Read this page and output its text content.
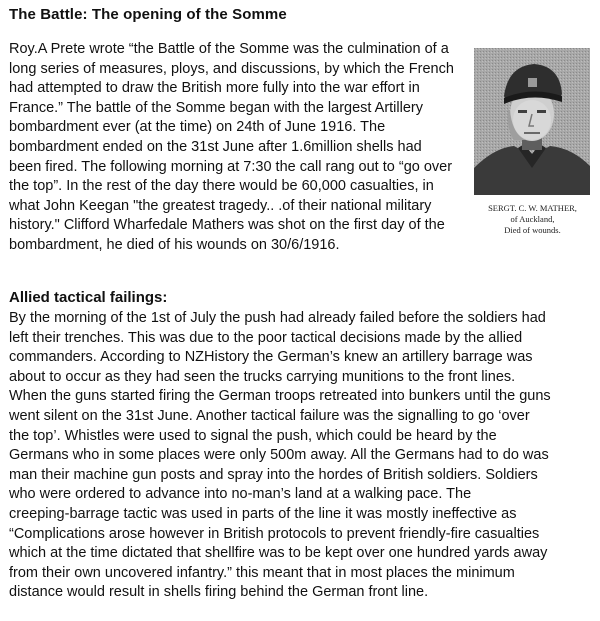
The Battle: The opening of the Somme
Roy.A Prete wrote “the Battle of the Somme was the culmination of a
long series of measures, ploys, and discussions, by which the French
had attempted to draw the British more fully into the war effort in
France.” The battle of the Somme began with the largest Artillery
bombardment ever (at the time) on 24th of June 1916. The
bombardment ended on the 31st June after 1.6million shells had
been fired. The following morning at 7:30 the call rang out to “go over
the top”. In the rest of the day there would be 60,000 casualties, in
what John Keegan "the greatest tragedy.. .of their national military
history." Clifford Wharfedale Mathers was shot on the first day of the
bombardment, he died of his wounds on 30/6/1916.
SERGT. C. W. MATHER,
of Auckland,
Died of wounds.
Allied tactical failings:
By the morning of the 1st of July the push had already failed before the soldiers had
left their trenches. This was due to the poor tactical decisions made by the allied
commanders. According to NZHistory the German’s knew an artillery barrage was
about to occur as they had seen the trucks carrying munitions to the front lines.
When the guns started firing the German troops retreated into bunkers until the guns
went silent on the 31st June. Another tactical failure was the signalling to go ‘over
the top’. Whistles were used to signal the push, which could be heard by the
Germans who in some places were only 500m away. All the Germans had to do was
man their machine gun posts and spray into the hordes of British soldiers. Soldiers
who were ordered to advance into no-man’s land at a walking pace. The
creeping-barrage tactic was used in parts of the line it was mostly ineffective as
“Complications arose however in British protocols to prevent friendly-fire casualties
which at the time dictated that shellfire was to be kept over one hundred yards away
from their own uncovered infantry.” this meant that in most places the minimum
distance would result in shells firing behind the German front line.
